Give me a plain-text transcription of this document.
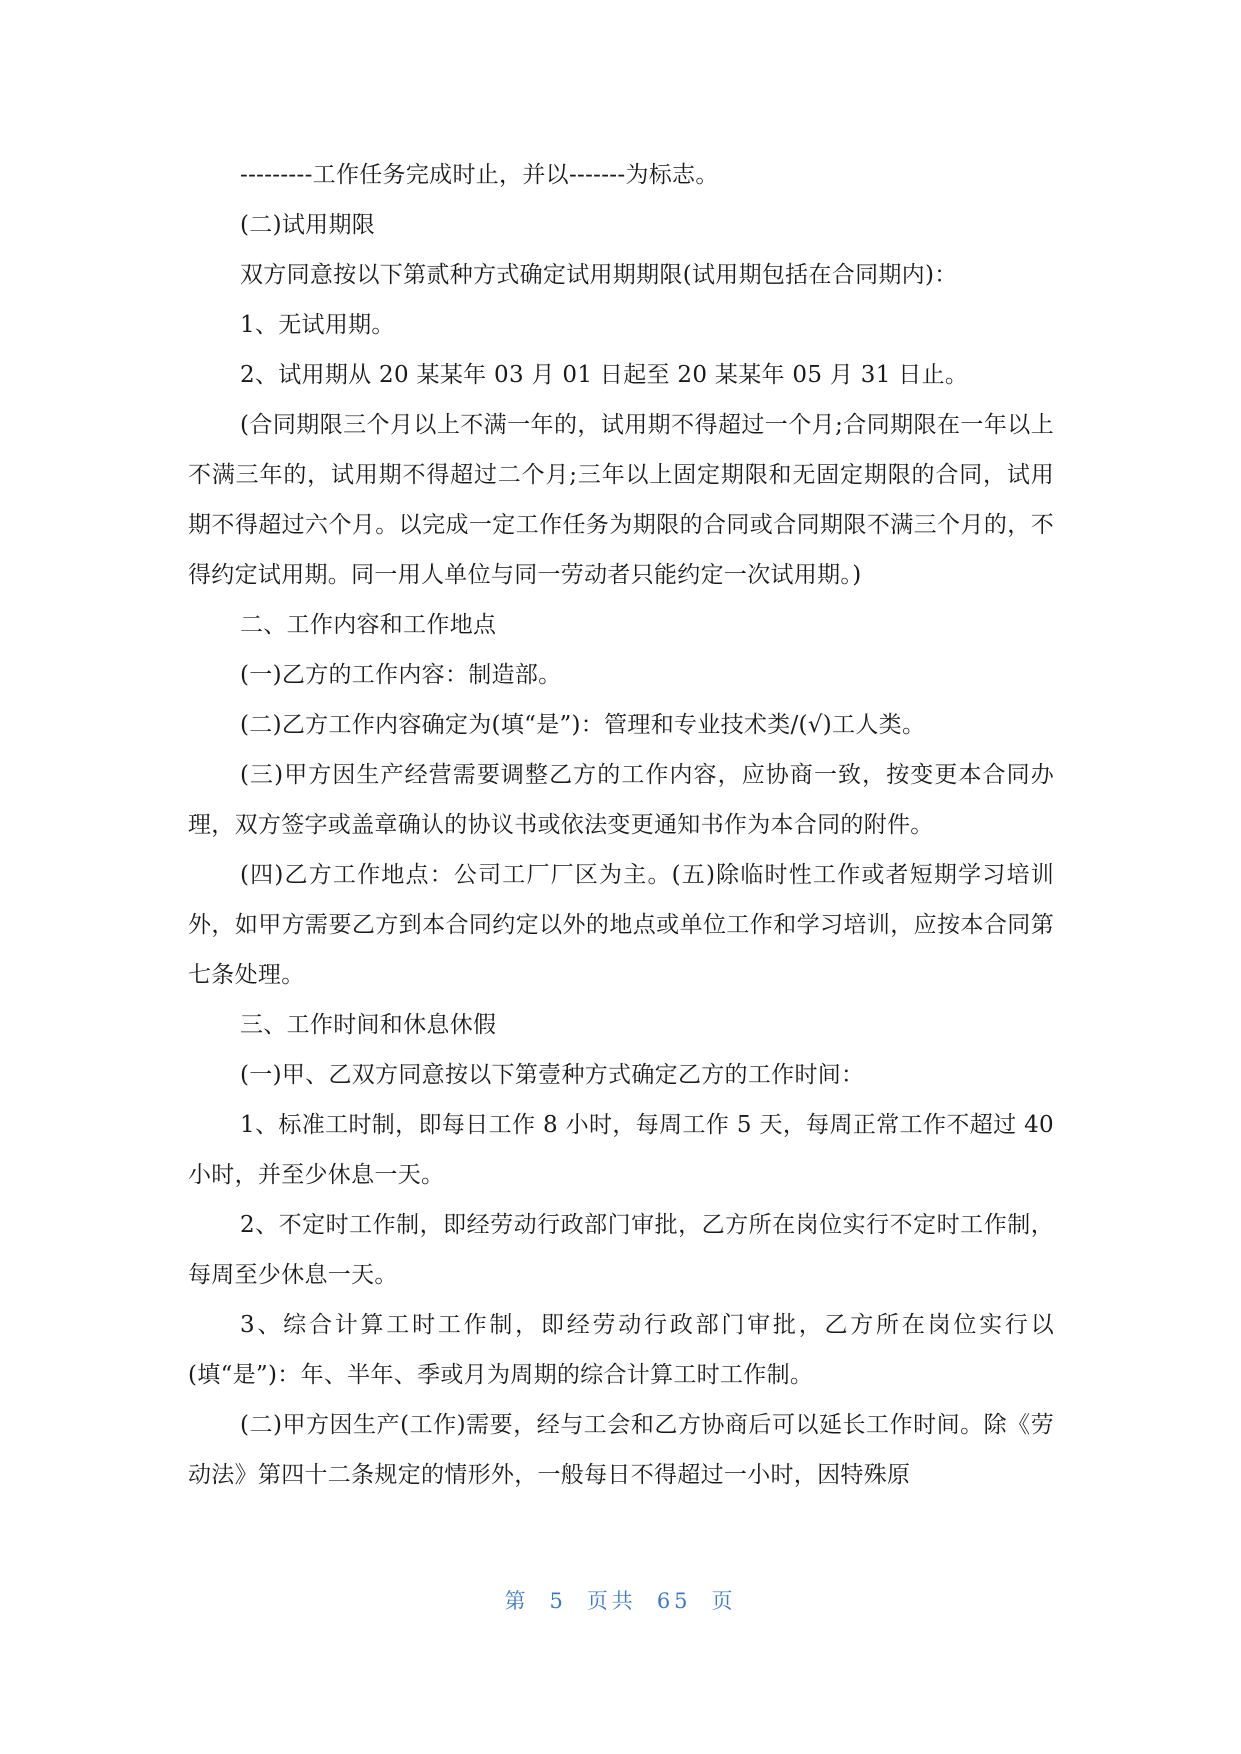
---------工作任务完成时止，并以-------为标志。

(二)试用期限

双方同意按以下第贰种方式确定试用期期限(试用期包括在合同期内)：

1、无试用期。

2、试用期从 20 某某年 03 月 01 日起至 20 某某年 05 月 31 日止。

(合同期限三个月以上不满一年的，试用期不得超过一个月;合同期限在一年以上不满三年的，试用期不得超过二个月;三年以上固定期限和无固定期限的合同，试用期不得超过六个月。以完成一定工作任务为期限的合同或合同期限不满三个月的，不得约定试用期。同一用人单位与同一劳动者只能约定一次试用期。)

二、工作内容和工作地点

(一)乙方的工作内容：制造部。

(二)乙方工作内容确定为(填“是”)：管理和专业技术类/(√)工人类。

(三)甲方因生产经营需要调整乙方的工作内容，应协商一致，按变更本合同办理，双方签字或盖章确认的协议书或依法变更通知书作为本合同的附件。

(四)乙方工作地点：公司工厂厂区为主。(五)除临时性工作或者短期学习培训外，如甲方需要乙方到本合同约定以外的地点或单位工作和学习培训，应按本合同第七条处理。

三、工作时间和休息休假

(一)甲、乙双方同意按以下第壹种方式确定乙方的工作时间：

1、标准工时制，即每日工作 8 小时，每周工作 5 天，每周正常工作不超过 40 小时，并至少休息一天。

2、不定时工作制，即经劳动行政部门审批，乙方所在岗位实行不定时工作制，每周至少休息一天。

3、综合计算工时工作制，即经劳动行政部门审批，乙方所在岗位实行以(填“是”)：年、半年、季或月为周期的综合计算工时工作制。

(二)甲方因生产(工作)需要，经与工会和乙方协商后可以延长工作时间。除《劳动法》第四十二条规定的情形外，一般每日不得超过一小时，因特殊原

第 5 页共 65 页
